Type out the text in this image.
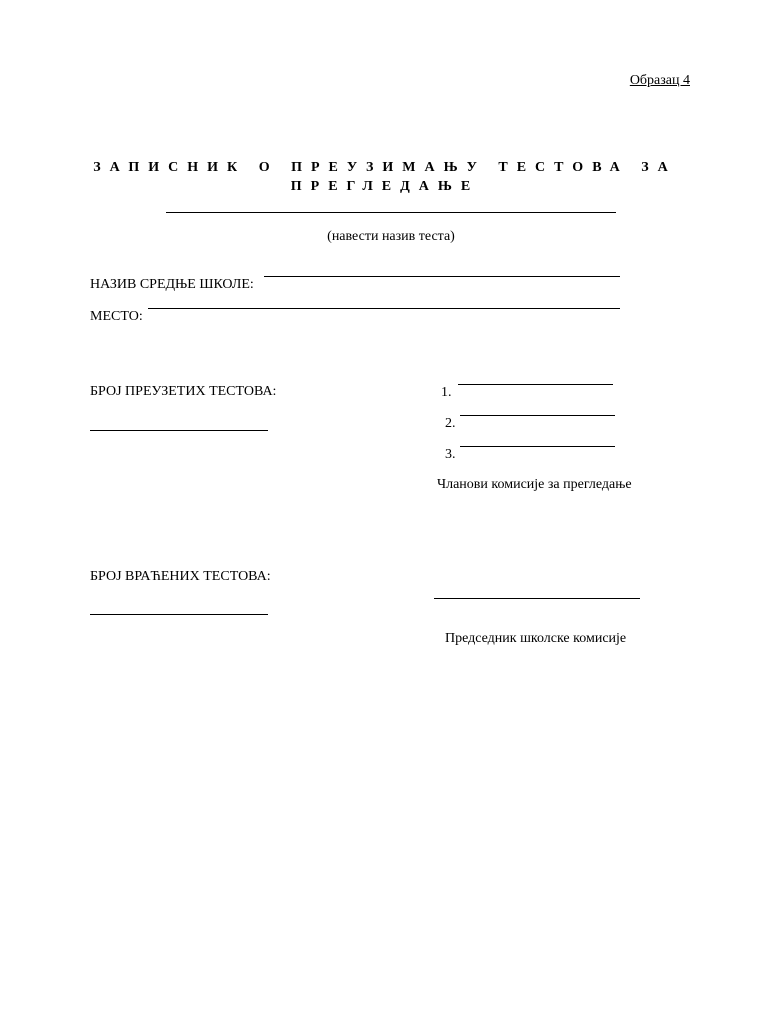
Образац 4
ЗАПИСНИК О ПРЕУЗИМАЊУ ТЕСТОВА ЗА
ПРЕГЛЕДАЊЕ
(навести назив теста)
НАЗИВ СРЕДЊЕ ШКОЛЕ:
МЕСТО:
БРОЈ ПРЕУЗЕТИХ ТЕСТОВА:	1.
2.
3.
Чланови комисије за прегледање
БРОЈ ВРАЋЕНИХ ТЕСТОВА:
Председник школске комисије
